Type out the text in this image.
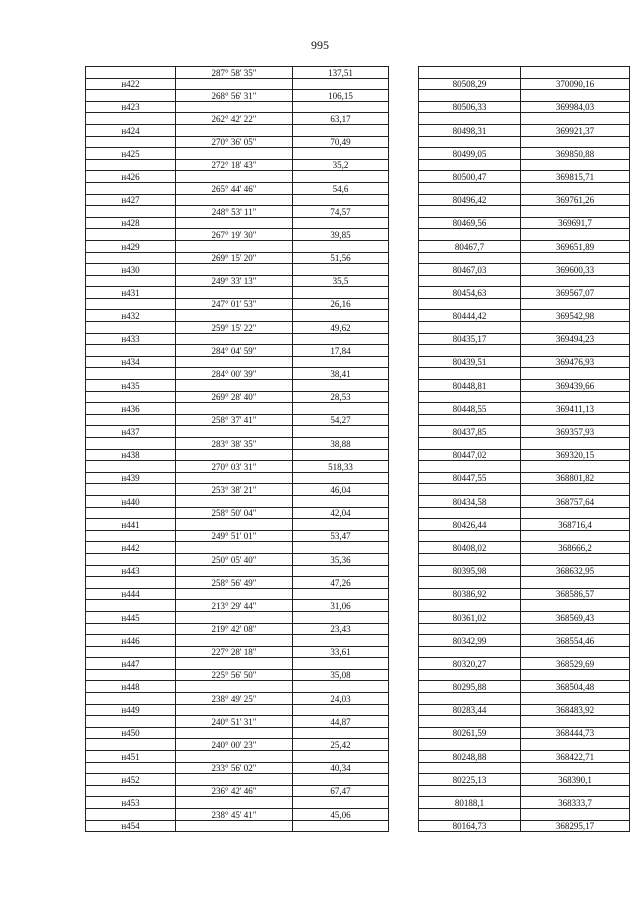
995
	287° 58' 35"	137,51			
н422				80508,29	370090,16
	268° 56' 31"	106,15			
н423				80506,33	369984,03
	262° 42' 22"	63,17			
н424				80498,31	369921,37
	270° 36' 05"	70,49			
н425				80499,05	369850,88
	272° 18' 43"	35,2			
н426				80500,47	369815,71
	265° 44' 46"	54,6			
н427				80496,42	369761,26
	248° 53' 11"	74,57			
н428				80469,56	369691,7
	267° 19' 30"	39,85			
н429				80467,7	369651,89
	269° 15' 20"	51,56			
н430				80467,03	369600,33
	249° 33' 13"	35,5			
н431				80454,63	369567,07
	247° 01' 53"	26,16			
н432				80444,42	369542,98
	259° 15' 22"	49,62			
н433				80435,17	369494,23
	284° 04' 59"	17,84			
н434				80439,51	369476,93
	284° 00' 39"	38,41			
н435				80448,81	369439,66
	269° 28' 40"	28,53			
н436				80448,55	369411,13
	258° 37' 41"	54,27			
н437				80437,85	369357,93
	283° 38' 35"	38,88			
н438				80447,02	369320,15
	270° 03' 31"	518,33			
н439				80447,55	368801,82
	253° 38' 21"	46,04			
н440				80434,58	368757,64
	258° 50' 04"	42,04			
н441				80426,44	368716,4
	249° 51' 01"	53,47			
н442				80408,02	368666,2
	250° 05' 40"	35,36			
н443				80395,98	368632,95
	258° 56' 49"	47,26			
н444				80386,92	368586,57
	213° 29' 44"	31,06			
н445				80361,02	368569,43
	219° 42' 08"	23,43			
н446				80342,99	368554,46
	227° 28' 18"	33,61			
н447				80320,27	368529,69
	225° 56' 50"	35,08			
н448				80295,88	368504,48
	238° 49' 25"	24,03			
н449				80283,44	368483,92
	240° 51' 31"	44,87			
н450				80261,59	368444,73
	240° 00' 23"	25,42			
н451				80248,88	368422,71
	233° 56' 02"	40,34			
н452				80225,13	368390,1
	236° 42' 46"	67,47			
н453				80188,1	368333,7
	238° 45' 41"	45,06			
н454				80164,73	368295,17
